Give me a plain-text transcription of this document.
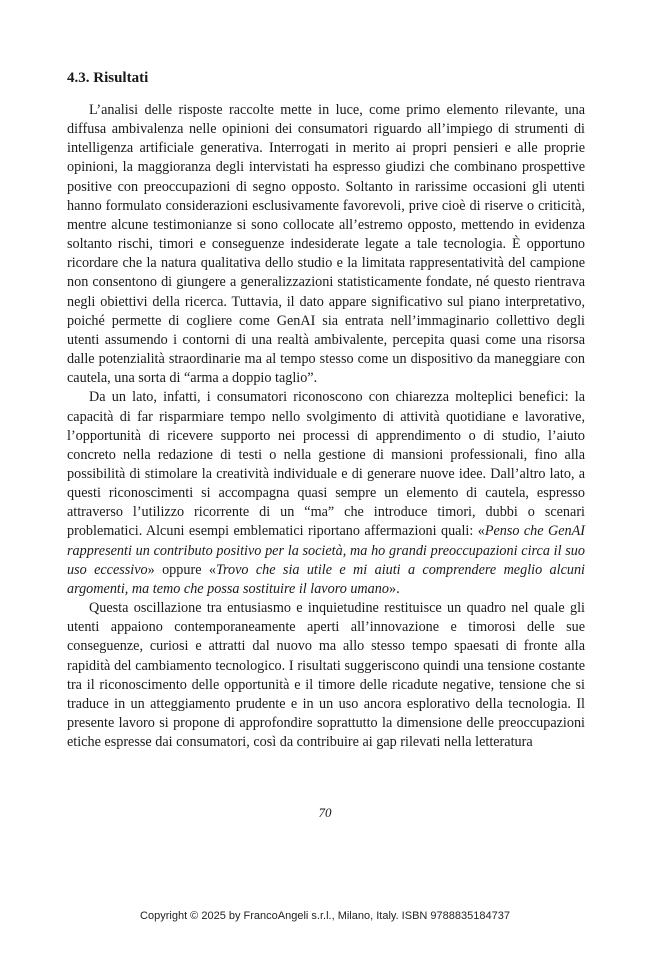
4.3. Risultati

L’analisi delle risposte raccolte mette in luce, come primo elemento rilevante, una diffusa ambivalenza nelle opinioni dei consumatori riguardo all’impiego di strumenti di intelligenza artificiale generativa. Interrogati in merito ai propri pensieri e alle proprie opinioni, la maggioranza degli intervistati ha espresso giudizi che combinano prospettive positive con preoccupazioni di segno opposto. Soltanto in rarissime occasioni gli utenti hanno formulato considerazioni esclusivamente favorevoli, prive cioè di riserve o criticità, mentre alcune testimonianze si sono collocate all’estremo opposto, mettendo in evidenza soltanto rischi, timori e conseguenze indesiderate legate a tale tecnologia. È opportuno ricordare che la natura qualitativa dello studio e la limitata rappresentatività del campione non consentono di giungere a generalizzazioni statisticamente fondate, né questo rientrava negli obiettivi della ricerca. Tuttavia, il dato appare significativo sul piano interpretativo, poiché permette di cogliere come GenAI sia entrata nell’immaginario collettivo degli utenti assumendo i contorni di una realtà ambivalente, percepita quasi come una risorsa dalle potenzialità straordinarie ma al tempo stesso come un dispositivo da maneggiare con cautela, una sorta di “arma a doppio taglio”.

Da un lato, infatti, i consumatori riconoscono con chiarezza molteplici benefici: la capacità di far risparmiare tempo nello svolgimento di attività quotidiane e lavorative, l’opportunità di ricevere supporto nei processi di apprendimento o di studio, l’aiuto concreto nella redazione di testi o nella gestione di mansioni professionali, fino alla possibilità di stimolare la creatività individuale e di generare nuove idee. Dall’altro lato, a questi riconoscimenti si accompagna quasi sempre un elemento di cautela, espresso attraverso l’utilizzo ricorrente di un “ma” che introduce timori, dubbi o scenari problematici. Alcuni esempi emblematici riportano affermazioni quali: «Penso che GenAI rappresenti un contributo positivo per la società, ma ho grandi preoccupazioni circa il suo uso eccessivo» oppure «Trovo che sia utile e mi aiuti a comprendere meglio alcuni argomenti, ma temo che possa sostituire il lavoro umano».

Questa oscillazione tra entusiasmo e inquietudine restituisce un quadro nel quale gli utenti appaiono contemporaneamente aperti all’innovazione e timorosi delle sue conseguenze, curiosi e attratti dal nuovo ma allo stesso tempo spaesati di fronte alla rapidità del cambiamento tecnologico. I risultati suggeriscono quindi una tensione costante tra il riconoscimento delle opportunità e il timore delle ricadute negative, tensione che si traduce in un atteggiamento prudente e in un uso ancora esplorativo della tecnologia. Il presente lavoro si propone di approfondire soprattutto la dimensione delle preoccupazioni etiche espresse dai consumatori, così da contribuire ai gap rilevati nella letteratura

70
Copyright © 2025 by FrancoAngeli s.r.l., Milano, Italy. ISBN 9788835184737
